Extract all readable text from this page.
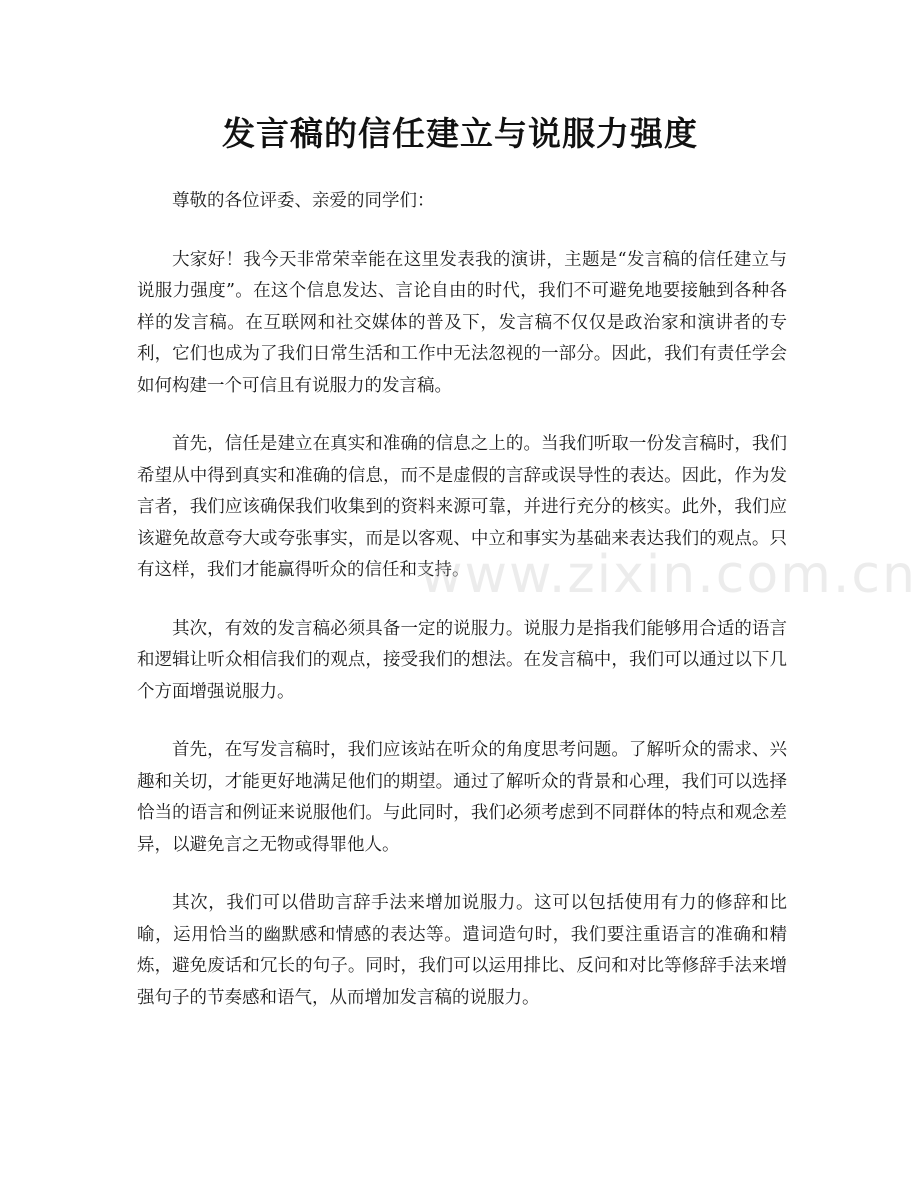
发言稿的信任建立与说服力强度

尊敬的各位评委、亲爱的同学们：

大家好！我今天非常荣幸能在这里发表我的演讲，主题是“发言稿的信任建立与说服力强度”。在这个信息发达、言论自由的时代，我们不可避免地要接触到各种各样的发言稿。在互联网和社交媒体的普及下，发言稿不仅仅是政治家和演讲者的专利，它们也成为了我们日常生活和工作中无法忽视的一部分。因此，我们有责任学会如何构建一个可信且有说服力的发言稿。

首先，信任是建立在真实和准确的信息之上的。当我们听取一份发言稿时，我们希望从中得到真实和准确的信息，而不是虚假的言辞或误导性的表达。因此，作为发言者，我们应该确保我们收集到的资料来源可靠，并进行充分的核实。此外，我们应该避免故意夸大或夸张事实，而是以客观、中立和事实为基础来表达我们的观点。只有这样，我们才能赢得听众的信任和支持。

其次，有效的发言稿必须具备一定的说服力。说服力是指我们能够用合适的语言和逻辑让听众相信我们的观点，接受我们的想法。在发言稿中，我们可以通过以下几个方面增强说服力。

首先，在写发言稿时，我们应该站在听众的角度思考问题。了解听众的需求、兴趣和关切，才能更好地满足他们的期望。通过了解听众的背景和心理，我们可以选择恰当的语言和例证来说服他们。与此同时，我们必须考虑到不同群体的特点和观念差异，以避免言之无物或得罪他人。

其次，我们可以借助言辞手法来增加说服力。这可以包括使用有力的修辞和比喻，运用恰当的幽默感和情感的表达等。遣词造句时，我们要注重语言的准确和精炼，避免废话和冗长的句子。同时，我们可以运用排比、反问和对比等修辞手法来增强句子的节奏感和语气，从而增加发言稿的说服力。

www.zixin.com.cn
